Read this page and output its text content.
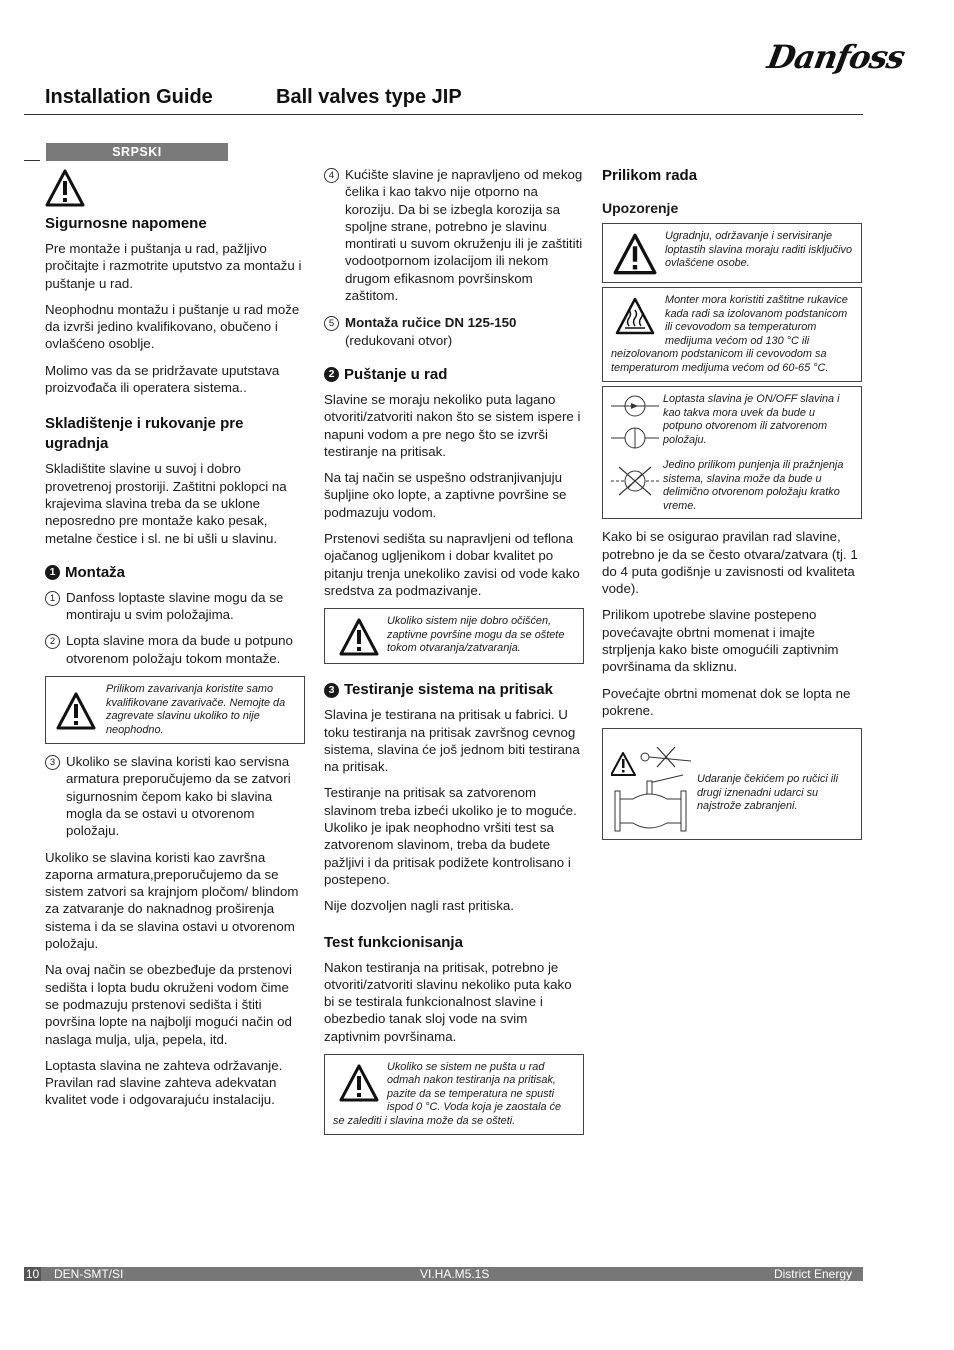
Danfoss
Installation Guide	Ball valves type JIP
SRPSKI
Sigurnosne napomene

Pre montaže i puštanja u rad, pažljivo pročitajte i razmotrite uputstvo za montažu i puštanje u rad.

Neophodnu montažu i puštanje u rad može da izvrši jedino kvalifikovano, obučeno i ovlašćeno osoblje.

Molimo vas da se pridržavate uputstava proizvođača ili operatera sistema..

Skladištenje i rukovanje pre ugradnja

Skladištite slavine u suvoj i dobro provetrenoj prostoriji. Zaštitni poklopci na krajevima slavina treba da se uklone neposredno pre montaže kako pesak, metalne čestice i sl. ne bi ušli u slavinu.

1 Montaža
1 Danfoss loptaste slavine mogu da se montiraju u svim položajima.
2 Lopta slavine mora da bude u potpuno otvorenom položaju tokom montaže.
Prilikom zavarivanja koristite samo kvalifikovane zavarivače. Nemojte da zagrevate slavinu ukoliko to nije neophodno.
3 Ukoliko se slavina koristi kao servisna armatura preporučujemo da se zatvori sigurnosnim čepom kako bi slavina mogla da se ostavi u otvorenom položaju.

Ukoliko se slavina koristi kao završna zaporna armatura,preporučujemo da se sistem zatvori sa krajnjom pločom/ blindom za zatvaranje do naknadnog proširenja sistema i da se slavina ostavi u otvorenom položaju.

Na ovaj način se obezbeđuje da prstenovi sedišta i lopta budu okruženi vodom čime se podmazuju prstenovi sedišta i štiti površina lopte na najbolji mogući način od naslaga mulja, ulja, pepela, itd.

Loptasta slavina ne zahteva održavanje. Pravilan rad slavine zahteva adekvatan kvalitet vode i odgovarajuću instalaciju.

4 Kućište slavine je napravljeno od mekog čelika i kao takvo nije otporno na koroziju. Da bi se izbegla korozija sa spoljne strane, potrebno je slavinu montirati u suvom okruženju ili je zaštititi vodootpornom izolacijom ili nekom drugom efikasnom površinskom zaštitom.
5 Montaža ručice DN 125-150
(redukovani otvor)
2 Puštanje u rad

Slavine se moraju nekoliko puta lagano otvoriti/zatvoriti nakon što se sistem ispere i napuni vodom a pre nego što se izvrši testiranje na pritisak.

Na taj način se uspešno odstranjivanjuju šupljine oko lopte, a zaptivne površine se podmazuju vodom.

Prstenovi sedišta su napravljeni od teflona ojačanog ugljenikom i dobar kvalitet po pitanju trenja unekoliko zavisi od vode kako sredstva za podmazivanje.

Ukoliko sistem nije dobro očišćen, zaptivne površine mogu da se oštete tokom otvaranja/zatvaranja.
3 Testiranje sistema na pritisak

Slavina je testirana na pritisak u fabrici. U toku testiranja na pritisak završnog cevnog sistema, slavina će još jednom biti testirana na pritisak.

Testiranje na pritisak sa zatvorenom slavinom treba izbeći ukoliko je to moguće. Ukoliko je ipak neophodno vršiti test sa zatvorenom slavinom, treba da budete pažljivi i da pritisak podižete kontrolisano i postepeno.

Nije dozvoljen nagli rast pritiska.

Test funkcionisanja

Nakon testiranja na pritisak, potrebno je otvoriti/zatvoriti slavinu nekoliko puta kako bi se testirala funkcionalnost slavine i obezbedio tanak sloj vode na svim zaptivnim površinama.

Ukoliko se sistem ne pušta u rad odmah nakon testiranja na pritisak, pazite da se temperatura ne spusti ispod 0 °C. Voda koja je zaostala će se zalediti i slavina može da se ošteti.
Prilikom rada
Upozorenje
Ugradnju, održavanje i servisiranje loptastih slavina moraju raditi isključivo ovlašćene osobe.
Monter mora koristiti zaštitne rukavice kada radi sa izolovanom podstanicom ili cevovodom sa temperaturom medijuma većom od 130 °C ili neizolovanom podstanicom ili cevovodom sa temperaturom medijuma većom od 60-65 °C.
Loptasta slavina je ON/OFF slavina i kao takva mora uvek da bude u potpuno otvorenom ili zatvorenom položaju.
Jedino prilikom punjenja ili pražnjenja sistema, slavina može da bude u delimično otvorenom položaju kratko vreme.

Kako bi se osigurao pravilan rad slavine, potrebno je da se često otvara/zatvara (tj. 1 do 4 puta godišnje u zavisnosti od kvaliteta vode).

Prilikom upotrebe slavine postepeno povećavajte obrtni momenat i imajte strpljenja kako biste omogućili zaptivnim površinama da skliznu.

Povećajte obrtni momenat dok se lopta ne pokrene.

Udaranje čekićem po ručici ili drugi iznenadni udarci su najstrože zabranjeni.
10 DEN-SMT/SI	VI.HA.M5.1S	District Energy
